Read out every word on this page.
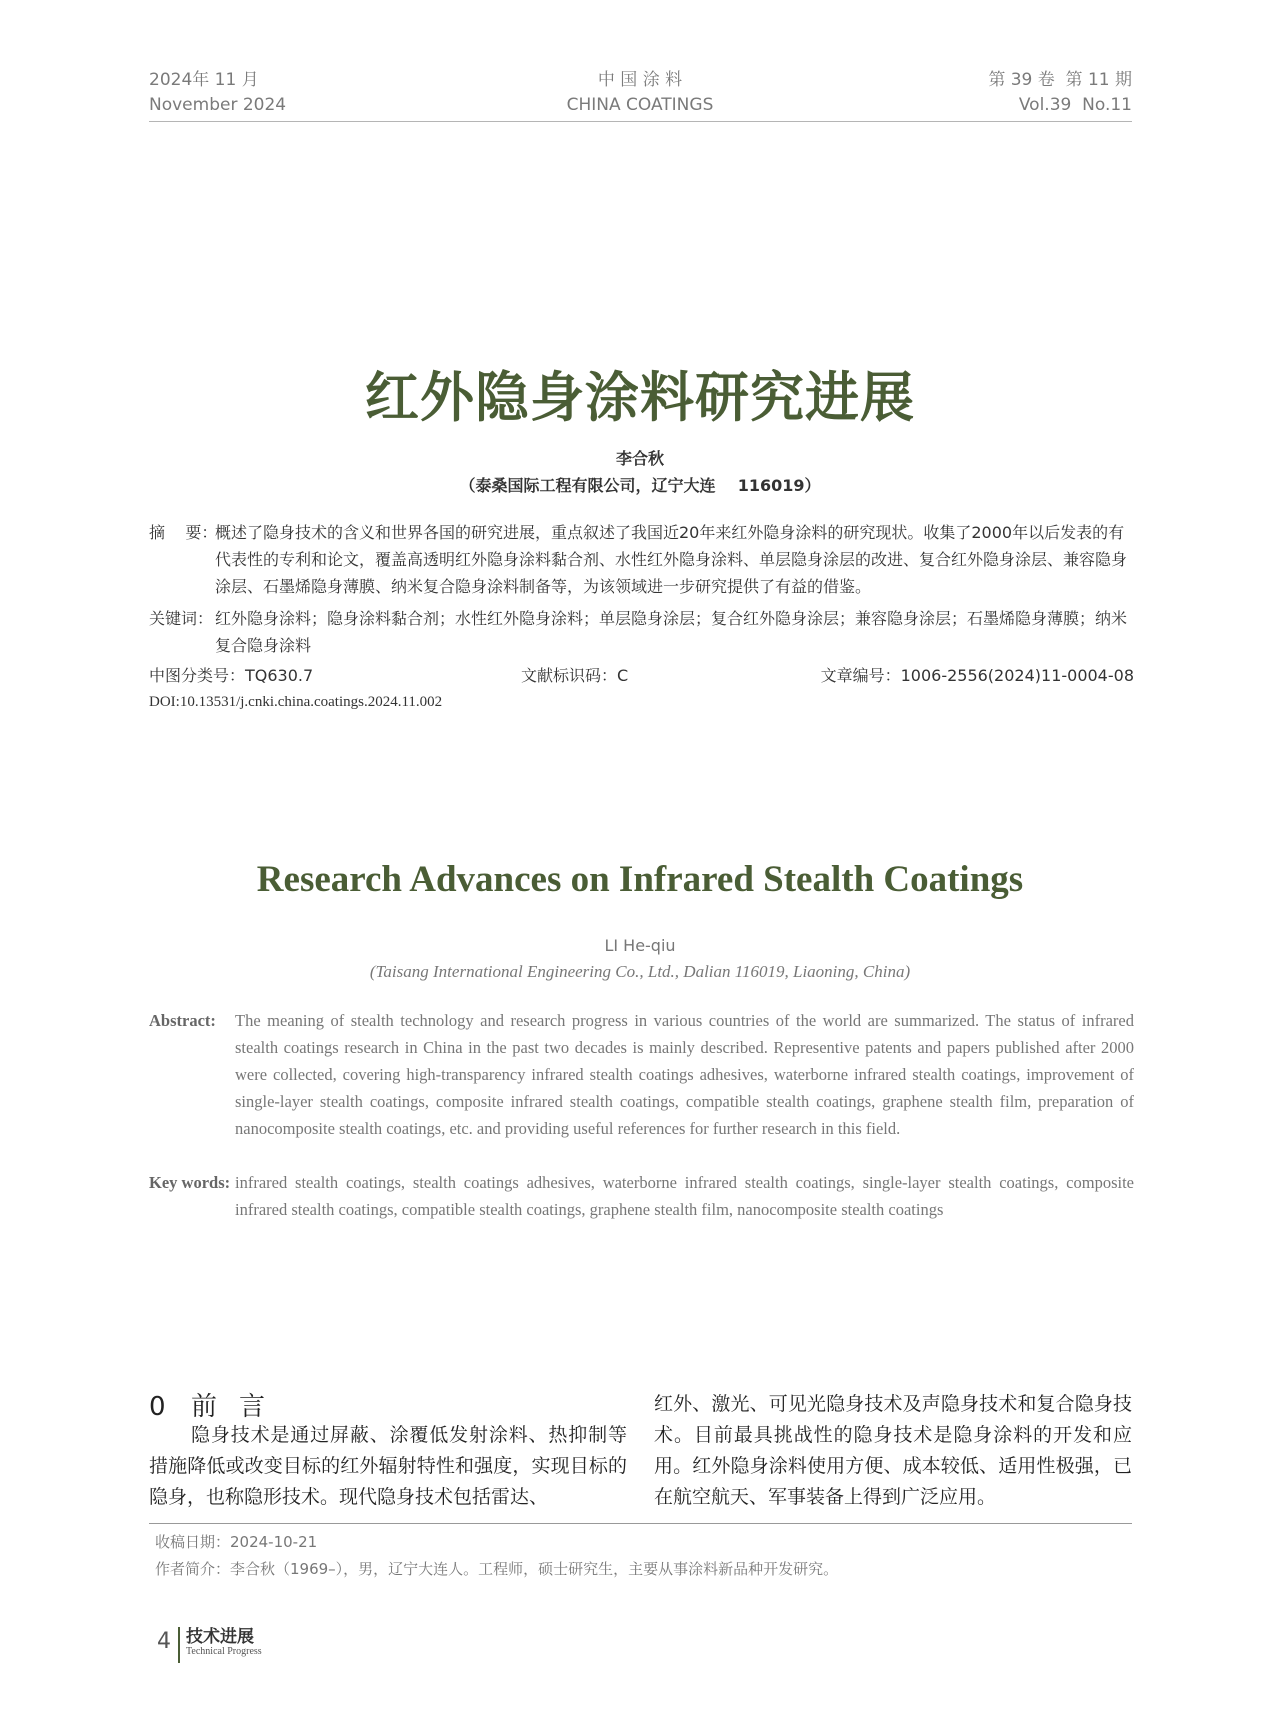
2024年 11 月
November 2024
中 国 涂 料
CHINA COATINGS
第 39 卷  第 11 期
Vol.39  No.11
红外隐身涂料研究进展
李合秋
（泰桑国际工程有限公司，辽宁大连    116019）
摘    要：
概述了隐身技术的含义和世界各国的研究进展，重点叙述了我国近20年来红外隐身涂料的研究现状。收集了2000年以后发表的有代表性的专利和论文，覆盖高透明红外隐身涂料黏合剂、水性红外隐身涂料、单层隐身涂层的改进、复合红外隐身涂层、兼容隐身涂层、石墨烯隐身薄膜、纳米复合隐身涂料制备等，为该领域进一步研究提供了有益的借鉴。
关键词： 红外隐身涂料；隐身涂料黏合剂；水性红外隐身涂料；单层隐身涂层；复合红外隐身涂层；兼容隐身涂层；石墨烯隐身薄膜；纳米复合隐身涂料
中图分类号：TQ630.7	文献标识码：C	文章编号：1006-2556(2024)11-0004-08
DOI:10.13531/j.cnki.china.coatings.2024.11.002
Research Advances on Infrared Stealth Coatings
LI He-qiu
(Taisang International Engineering Co., Ltd., Dalian 116019, Liaoning, China)
Abstract: The meaning of stealth technology and research progress in various countries of the world are summarized. The status of infrared stealth coatings research in China in the past two decades is mainly described. Representive patents and papers published after 2000 were collected, covering high-transparency infrared stealth coatings adhesives, waterborne infrared stealth coatings, improvement of single-layer stealth coatings, composite infrared stealth coatings, compatible stealth coatings, graphene stealth film, preparation of nanocomposite stealth coatings, etc. and providing useful references for further research in this field.
Key words: infrared stealth coatings, stealth coatings adhesives, waterborne infrared stealth coatings, single-layer stealth coatings, composite infrared stealth coatings, compatible stealth coatings, graphene stealth film, nanocomposite stealth coatings
0 前言
隐身技术是通过屏蔽、涂覆低发射涂料、热抑制等措施降低或改变目标的红外辐射特性和强度，实现目标的隐身，也称隐形技术。现代隐身技术包括雷达、
红外、激光、可见光隐身技术及声隐身技术和复合隐身技术。目前最具挑战性的隐身技术是隐身涂料的开发和应用。红外隐身涂料使用方便、成本较低、适用性极强，已在航空航天、军事装备上得到广泛应用。
收稿日期：2024-10-21
作者简介：李合秋（1969–），男，辽宁大连人。工程师，硕士研究生，主要从事涂料新品种开发研究。
4 技术进展
Technical Progress
